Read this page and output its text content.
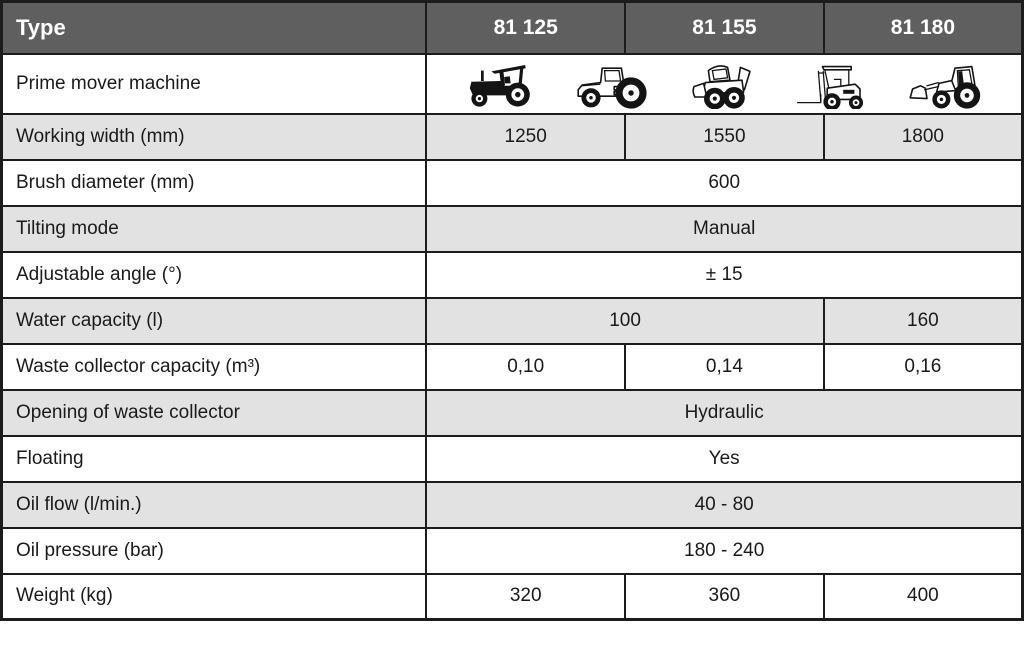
Type	81 125	81 155	81 180
Prime mover machine	

Working width (mm)	1250	1550	1800
Brush diameter (mm)	600		
Tilting mode	Manual		
Adjustable angle (°)	± 15		
Water capacity (l)	100		160
Waste collector capacity (m³)	0,10	0,14	0,16
Opening of waste collector	Hydraulic		
Floating	Yes		
Oil flow (l/min.)	40 - 80		
Oil pressure (bar)	180 - 240		
Weight (kg)	320	360	400
